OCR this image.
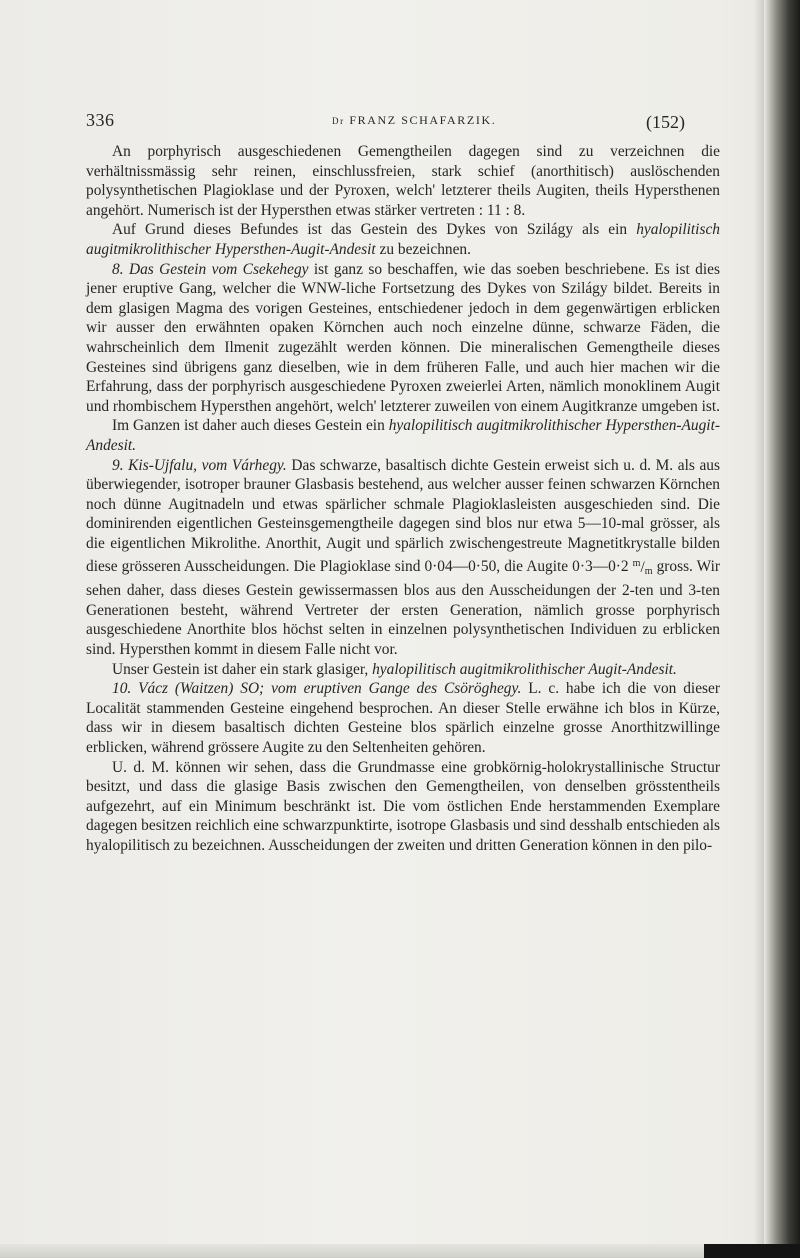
336	Dr FRANZ SCHAFARZIK.	(152)

An porphyrisch ausgeschiedenen Gemengtheilen dagegen sind zu verzeichnen die verhältnissmässig sehr reinen, einschlussfreien, stark schief (anorthitisch) auslöschenden polysynthetischen Plagioklase und der Pyroxen, welch' letzterer theils Augiten, theils Hypersthenen angehört. Numerisch ist der Hypersthen etwas stärker vertreten : 11 : 8.

Auf Grund dieses Befundes ist das Gestein des Dykes von Szilágy als ein hyalopilitisch augitmikrolithischer Hypersthen-Augit-Andesit zu bezeichnen.

8. Das Gestein vom Csekehegy ist ganz so beschaffen, wie das soeben beschriebene. Es ist dies jener eruptive Gang, welcher die WNW-liche Fortsetzung des Dykes von Szilágy bildet. Bereits in dem glasigen Magma des vorigen Gesteines, entschiedener jedoch in dem gegenwärtigen erblicken wir ausser den erwähnten opaken Körnchen auch noch einzelne dünne, schwarze Fäden, die wahrscheinlich dem Ilmenit zugezählt werden können. Die mineralischen Gemengtheile dieses Gesteines sind übrigens ganz dieselben, wie in dem früheren Falle, und auch hier machen wir die Erfahrung, dass der porphyrisch ausgeschiedene Pyroxen zweierlei Arten, nämlich monoklinem Augit und rhombischem Hypersthen angehört, welch' letzterer zuweilen von einem Augitkranze umgeben ist.

Im Ganzen ist daher auch dieses Gestein ein hyalopilitisch augitmikrolithischer Hypersthen-Augit-Andesit.

9. Kis-Ujfalu, vom Várhegy. Das schwarze, basaltisch dichte Gestein erweist sich u. d. M. als aus überwiegender, isotroper brauner Glasbasis bestehend, aus welcher ausser feinen schwarzen Körnchen noch dünne Augitnadeln und etwas spärlicher schmale Plagioklasleisten ausgeschieden sind. Die dominirenden eigentlichen Gesteinsgemengtheile dagegen sind blos nur etwa 5—10-mal grösser, als die eigentlichen Mikrolithe. Anorthit, Augit und spärlich zwischengestreute Magnetitkrystalle bilden diese grösseren Ausscheidungen. Die Plagioklase sind 0·04—0·50, die Augite 0·3—0·2 $^m/_m$ gross. Wir sehen daher, dass dieses Gestein gewissermassen blos aus den Ausscheidungen der 2-ten und 3-ten Generationen besteht, während Vertreter der ersten Generation, nämlich grosse porphyrisch ausgeschiedene Anorthite blos höchst selten in einzelnen polysynthetischen Individuen zu erblicken sind. Hypersthen kommt in diesem Falle nicht vor.

Unser Gestein ist daher ein stark glasiger, hyalopilitisch augitmikrolithischer Augit-Andesit.

10. Vácz (Waitzen) SO; vom eruptiven Gange des Csöröghegy. L. c. habe ich die von dieser Localität stammenden Gesteine eingehend besprochen. An dieser Stelle erwähne ich blos in Kürze, dass wir in diesem basaltisch dichten Gesteine blos spärlich einzelne grosse Anorthitzwillinge erblicken, während grössere Augite zu den Seltenheiten gehören.

U. d. M. können wir sehen, dass die Grundmasse eine grobkörnig-holokrystallinische Structur besitzt, und dass die glasige Basis zwischen den Gemengtheilen, von denselben grösstentheils aufgezehrt, auf ein Minimum beschränkt ist. Die vom östlichen Ende herstammenden Exemplare dagegen besitzen reichlich eine schwarzpunktirte, isotrope Glasbasis und sind desshalb entschieden als hyalopilitisch zu bezeichnen. Ausscheidungen der zweiten und dritten Generation können in den pilo-
